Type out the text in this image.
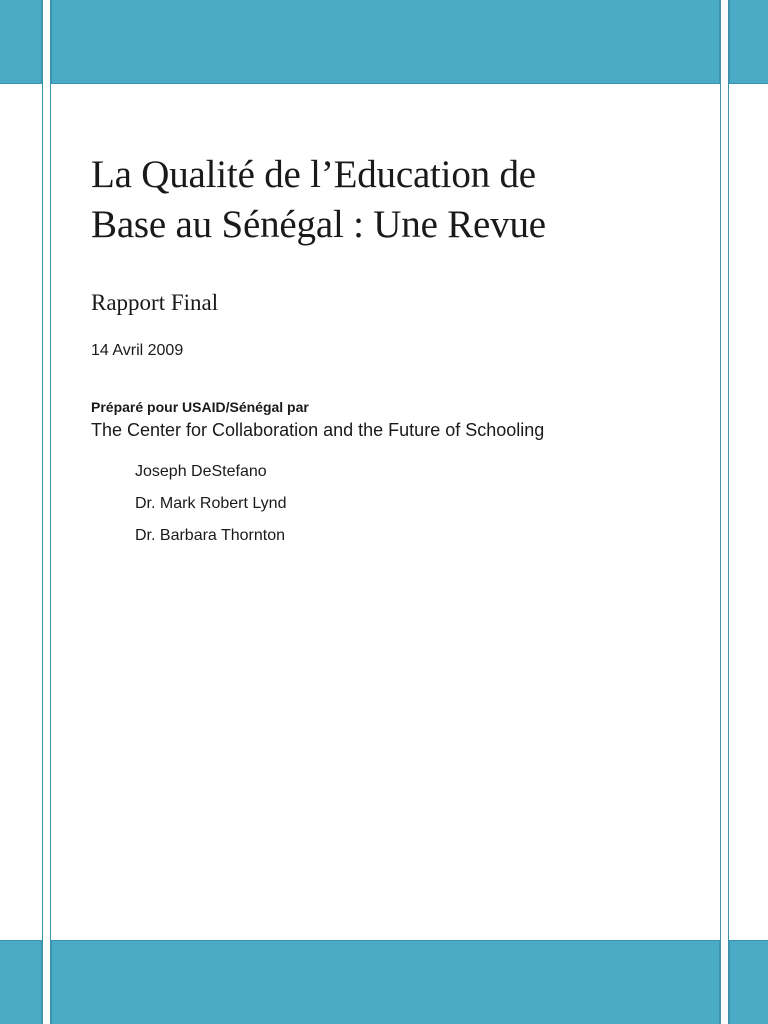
La Qualité de l’Education de
Base au Sénégal : Une Revue
Rapport Final
14 Avril 2009
Préparé pour USAID/Sénégal par
The Center for Collaboration and the Future of Schooling
Joseph DeStefano
Dr. Mark Robert Lynd
Dr. Barbara Thornton
